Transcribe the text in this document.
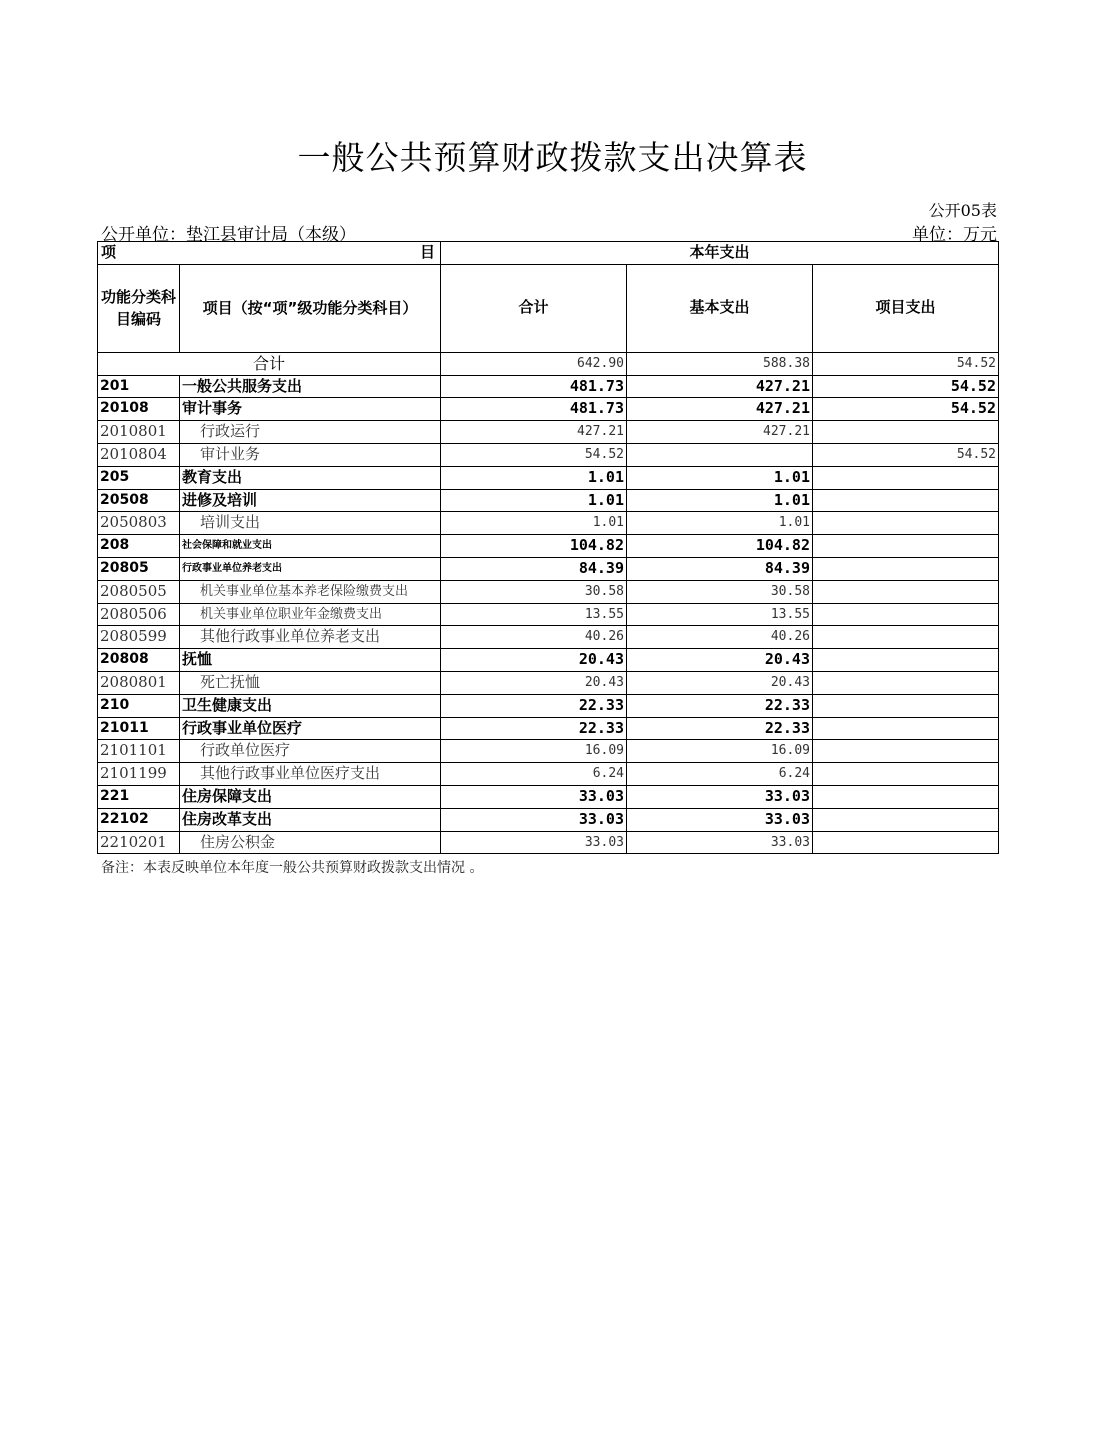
一般公共预算财政拨款支出决算表
公开05表
公开单位：垫江县审计局（本级）	单位：万元
项 目		本年支出		
功能分类科目编码	项目（按“项”级功能分类科目）	合计	基本支出	项目支出
合计		642.90	588.38	54.52
201	一般公共服务支出	481.73	427.21	54.52
20108	审计事务	481.73	427.21	54.52
2010801	行政运行	427.21	427.21	
2010804	审计业务	54.52		54.52
205	教育支出	1.01	1.01	
20508	进修及培训	1.01	1.01	
2050803	培训支出	1.01	1.01	
208	社会保障和就业支出	104.82	104.82	
20805	行政事业单位养老支出	84.39	84.39	
2080505	机关事业单位基本养老保险缴费支出	30.58	30.58	
2080506	机关事业单位职业年金缴费支出	13.55	13.55	
2080599	其他行政事业单位养老支出	40.26	40.26	
20808	抚恤	20.43	20.43	
2080801	死亡抚恤	20.43	20.43	
210	卫生健康支出	22.33	22.33	
21011	行政事业单位医疗	22.33	22.33	
2101101	行政单位医疗	16.09	16.09	
2101199	其他行政事业单位医疗支出	6.24	6.24	
221	住房保障支出	33.03	33.03	
22102	住房改革支出	33.03	33.03	
2210201	住房公积金	33.03	33.03	
备注：本表反映单位本年度一般公共预算财政拨款支出情况 。
